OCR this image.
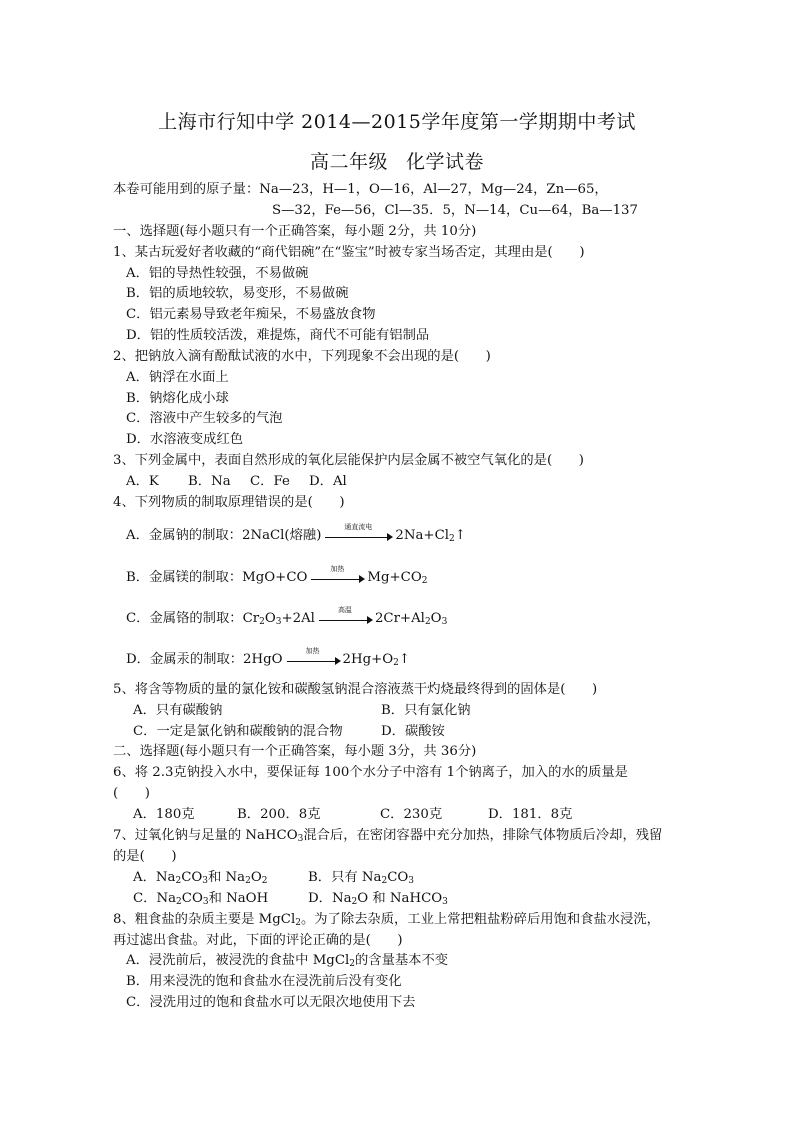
上海市行知中学 2014—2015学年度第一学期期中考试
高二年级 化学试卷
本卷可能用到的原子量：Na—23，H—1，O—16，Al—27，Mg—24，Zn—65，
S—32，Fe—56，Cl—35．5，N—14，Cu—64，Ba—137
一、选择题(每小题只有一个正确答案，每小题 2分，共 10分)
1、某古玩爱好者收藏的“商代铝碗”在“鉴宝”时被专家当场否定，其理由是(　　)
A．铝的导热性较强，不易做碗
B．铝的质地较软，易变形，不易做碗
C．铝元素易导致老年痴呆，不易盛放食物
D．铝的性质较活泼，难提炼，商代不可能有铝制品
2、把钠放入滴有酚酞试液的水中，下列现象不会出现的是(　　)
A．钠浮在水面上
B．钠熔化成小球
C．溶液中产生较多的气泡
D．水溶液变成红色
3、下列金属中，表面自然形成的氧化层能保护内层金属不被空气氧化的是(　　)
A．K B．Na C．Fe D．Al
4、下列物质的制取原理错误的是(　　)
A．金属钠的制取：2NaCl(熔融)
通直流电
$2Na+Cl_2↑$
B．金属镁的制取：MgO+CO
加热
$Mg+CO_2$
C．金属铬的制取：$Cr_2O_3+2Al$
高温
$2Cr+Al_2O_3$
D．金属汞的制取：2HgO
加热
$2Hg+O_2↑$
5、将含等物质的量的氯化铵和碳酸氢钠混合溶液蒸干灼烧最终得到的固体是(　　)
A．只有碳酸钠	B．只有氯化钠
C．一定是氯化钠和碳酸钠的混合物	D．碳酸铵
二、选择题(每小题只有一个正确答案，每小题 3分，共 36分)
6、将 2.3克钠投入水中，要保证每 100个水分子中溶有 1个钠离子，加入的水的质量是
(　　)
A．180克	B．200．8克	C．230克	D．181．8克
7、过氧化钠与足量的 NaHCO$_3$混合后，在密闭容器中充分加热，排除气体物质后冷却，残留
的是(　　)
A．$Na_2CO_3$和 $Na_2O_2$	B．只有 $Na_2CO_3$
C．$Na_2CO_3$和 NaOH	D．$Na_2O$ 和 NaHCO$_3$
8、粗食盐的杂质主要是 MgCl$_2$。为了除去杂质，工业上常把粗盐粉碎后用饱和食盐水浸洗，
再过滤出食盐。对此，下面的评论正确的是(　　)
A．浸洗前后，被浸洗的食盐中 MgCl$_2$的含量基本不变
B．用来浸洗的饱和食盐水在浸洗前后没有变化
C．浸洗用过的饱和食盐水可以无限次地使用下去
